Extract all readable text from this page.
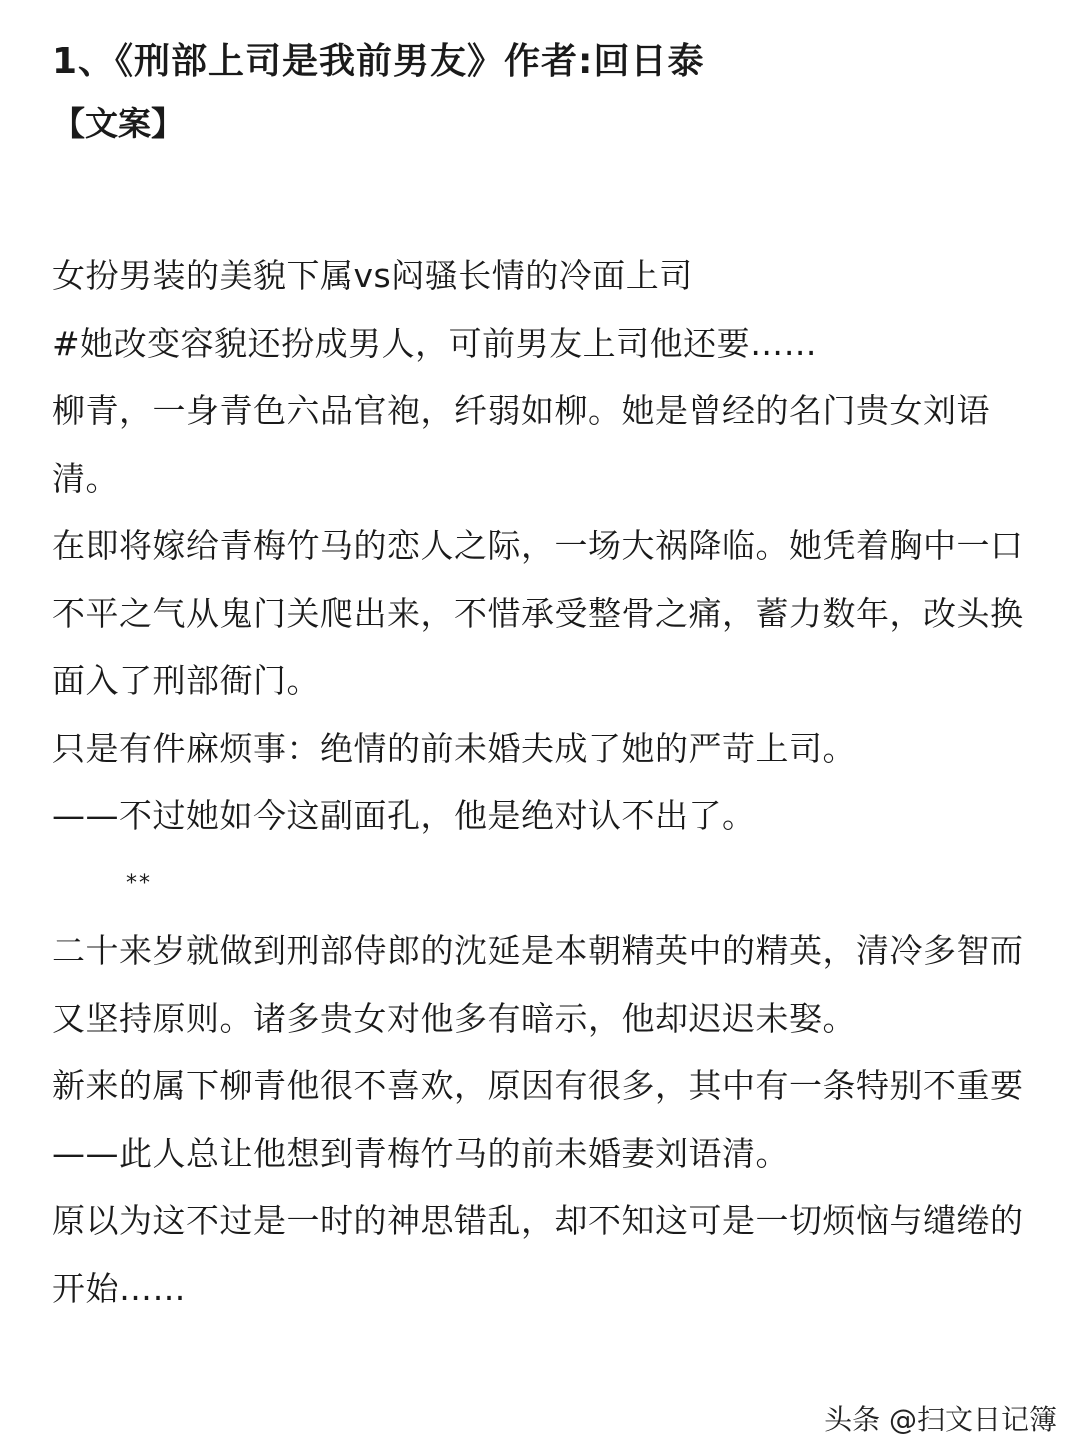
1、《刑部上司是我前男友》作者:回日泰
【文案】

女扮男装的美貌下属vs闷骚长情的冷面上司

#她改变容貌还扮成男人，可前男友上司他还要……

柳青，一身青色六品官袍，纤弱如柳。她是曾经的名门贵女刘语清。

在即将嫁给青梅竹马的恋人之际，一场大祸降临。她凭着胸中一口不平之气从鬼门关爬出来，不惜承受整骨之痛，蓄力数年，改头换面入了刑部衙门。

只是有件麻烦事：绝情的前未婚夫成了她的严苛上司。

——不过她如今这副面孔，他是绝对认不出了。

**

二十来岁就做到刑部侍郎的沈延是本朝精英中的精英，清冷多智而又坚持原则。诸多贵女对他多有暗示，他却迟迟未娶。

新来的属下柳青他很不喜欢，原因有很多，其中有一条特别不重要——此人总让他想到青梅竹马的前未婚妻刘语清。

原以为这不过是一时的神思错乱，却不知这可是一切烦恼与缱绻的开始……

头条 @扫文日记簿
